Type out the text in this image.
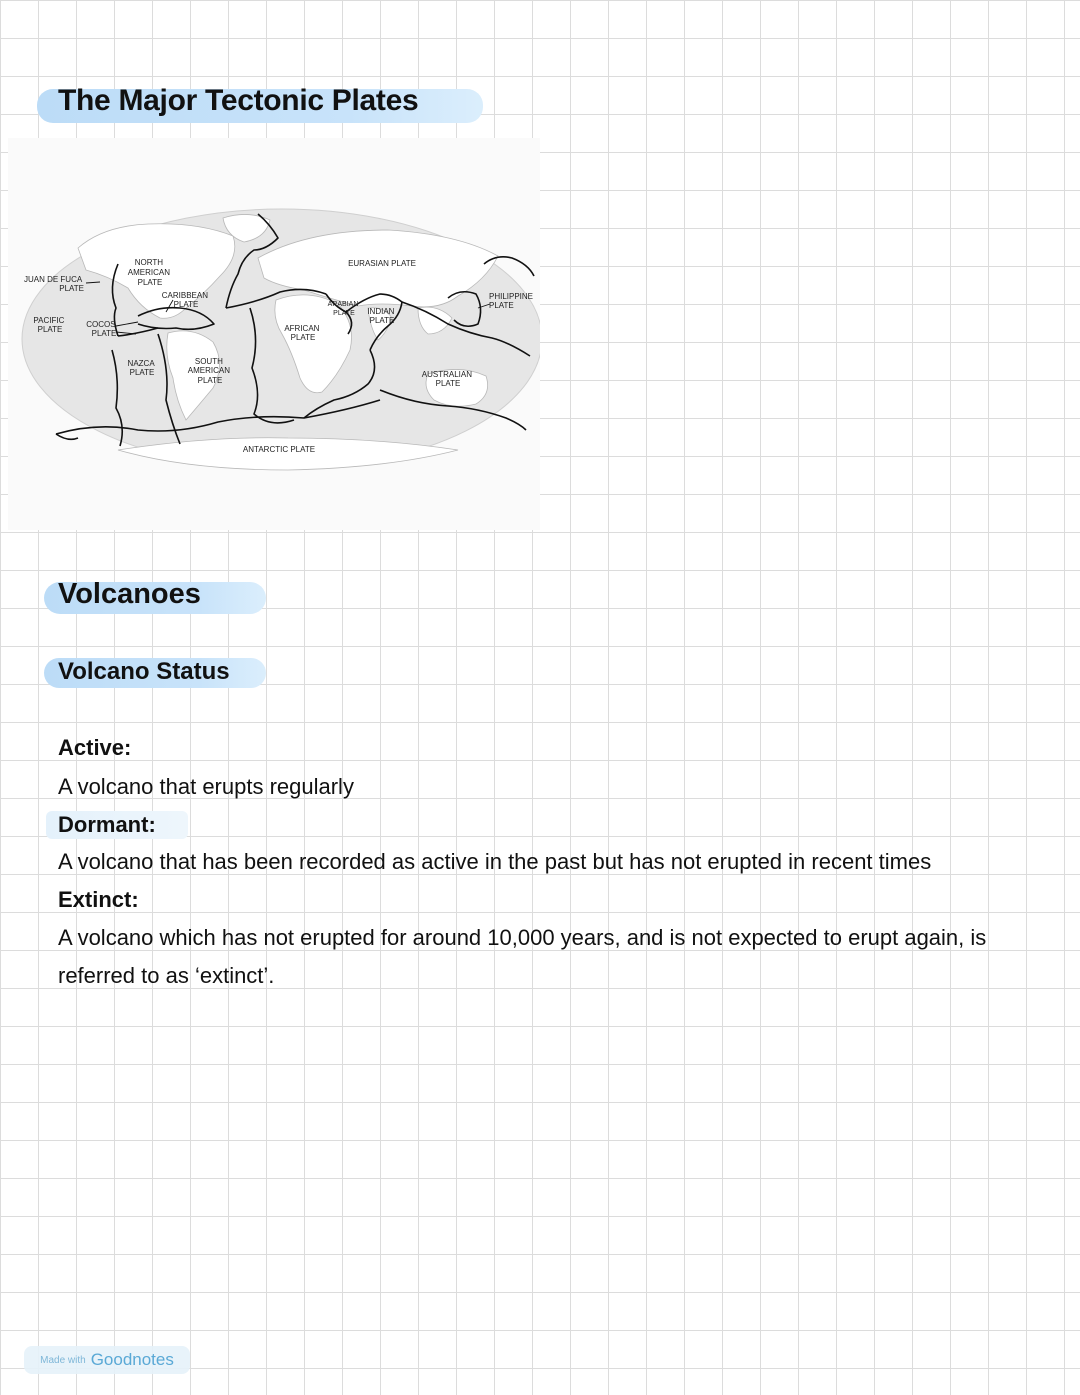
The Major Tectonic Plates
JUAN DE FUCA PLATE
NORTH AMERICAN PLATE
CARIBBEAN PLATE
EURASIAN PLATE
PHILIPPINE PLATE
PACIFIC PLATE
COCOS PLATE
ARABIAN PLATE	INDIAN PLATE
AFRICAN PLATE
NAZCA PLATE
SOUTH AMERICAN PLATE
AUSTRALIAN PLATE
ANTARCTIC PLATE
Volcanoes
Volcano Status

Active:

A volcano that erupts regularly

Dormant:

A volcano that has been recorded as active in the past but has not erupted in recent times

Extinct:

A volcano which has not erupted for around 10,000 years, and is not expected to erupt again, is referred to as ‘extinct’.

Made with Goodnotes
